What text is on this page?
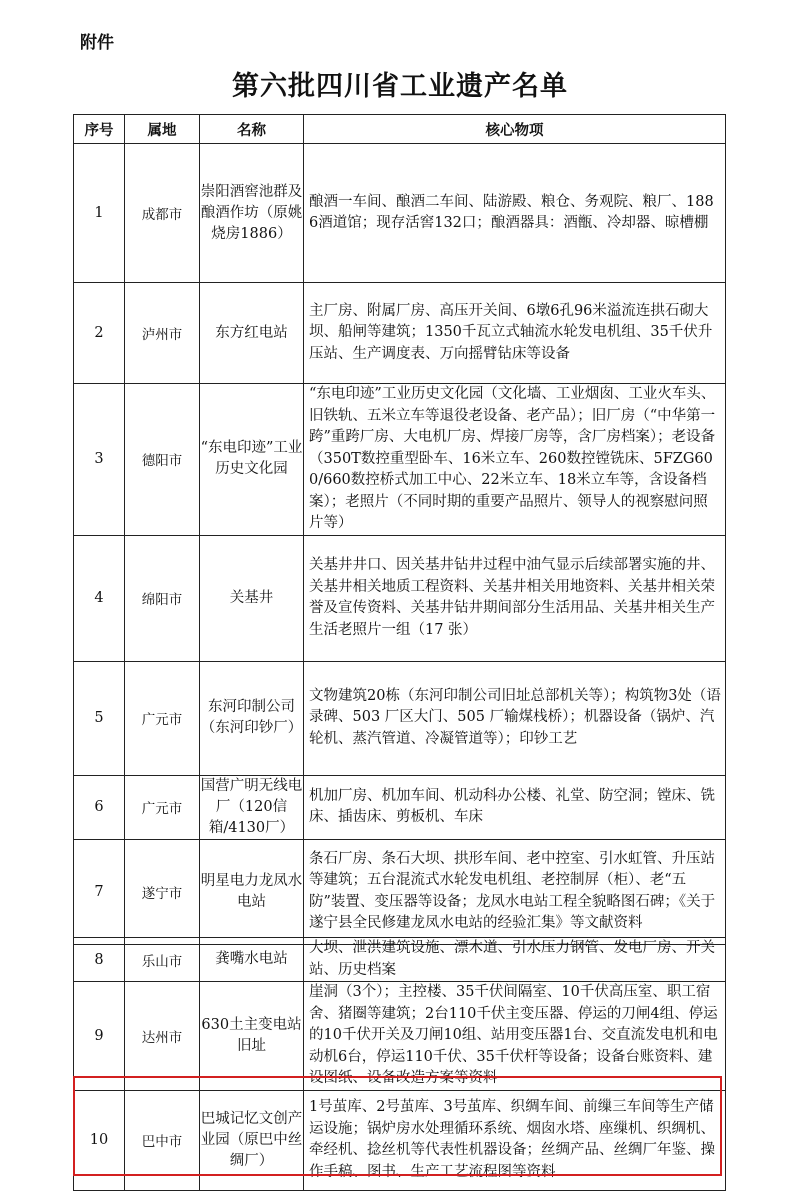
附件
第六批四川省工业遗产名单
序号	属地	名称	核心物项
1	成都市	崇阳酒窖池群及酿酒作坊（原姚烧房1886）	酿酒一车间、酿酒二车间、陆游殿、粮仓、务观院、粮厂、1886酒道馆；现存活窖132口；酿酒器具：酒甑、冷却器、晾槽棚
2	泸州市	东方红电站	主厂房、附属厂房、高压开关间、6墩6孔96米溢流连拱石砌大坝、船闸等建筑；1350千瓦立式轴流水轮发电机组、35千伏升压站、生产调度表、万向摇臂钻床等设备
3	德阳市	“东电印迹”工业历史文化园	“东电印迹”工业历史文化园（文化墙、工业烟囱、工业火车头、旧铁轨、五米立车等退役老设备、老产品）；旧厂房（“中华第一跨”重跨厂房、大电机厂房、焊接厂房等，含厂房档案）；老设备（350T数控重型卧车、16米立车、260数控镗铣床、5FZG600/660数控桥式加工中心、22米立车、18米立车等，含设备档案）；老照片（不同时期的重要产品照片、领导人的视察慰问照片等）
4	绵阳市	关基井	关基井井口、因关基井钻井过程中油气显示后续部署实施的井、关基井相关地质工程资料、关基井相关用地资料、关基井相关荣誉及宣传资料、关基井钻井期间部分生活用品、关基井相关生产生活老照片一组（17 张）
5	广元市	东河印制公司（东河印钞厂）	文物建筑20栋（东河印制公司旧址总部机关等）；构筑物3处（语录碑、503 厂区大门、505 厂输煤栈桥）；机器设备（锅炉、汽轮机、蒸汽管道、冷凝管道等）；印钞工艺
6	广元市	国营广明无线电厂（120信箱/4130厂）	机加厂房、机加车间、机动科办公楼、礼堂、防空洞；镗床、铣床、插齿床、剪板机、车床
7	遂宁市	明星电力龙凤水电站	条石厂房、条石大坝、拱形车间、老中控室、引水虹管、升压站等建筑；五台混流式水轮发电机组、老控制屏（柜）、老“五防”装置、变压器等设备；龙凤水电站工程全貌略图石碑；《关于遂宁县全民修建龙凤水电站的经验汇集》等文献资料
8	乐山市	龚嘴水电站	大坝、泄洪建筑设施、漂木道、引水压力钢管、发电厂房、开关站、历史档案
9	达州市	630土主变电站旧址	崖洞（3个）；主控楼、35千伏间隔室、10千伏高压室、职工宿舍、猪圈等建筑；2台110千伏主变压器、停运的刀闸4组、停运的10千伏开关及刀闸10组、站用变压器1台、交直流发电机和电动机6台，停运110千伏、35千伏杆等设备；设备台账资料、建设图纸、设备改造方案等资料
10	巴中市	巴城记忆文创产业园（原巴中丝绸厂）	1号茧库、2号茧库、3号茧库、织绸车间、前缫三车间等生产储运设施；锅炉房水处理循环系统、烟囱水塔、座缫机、织绸机、牵经机、捻丝机等代表性机器设备；丝绸产品、丝绸厂年鉴、操作手稿、图书、生产工艺流程图等资料
